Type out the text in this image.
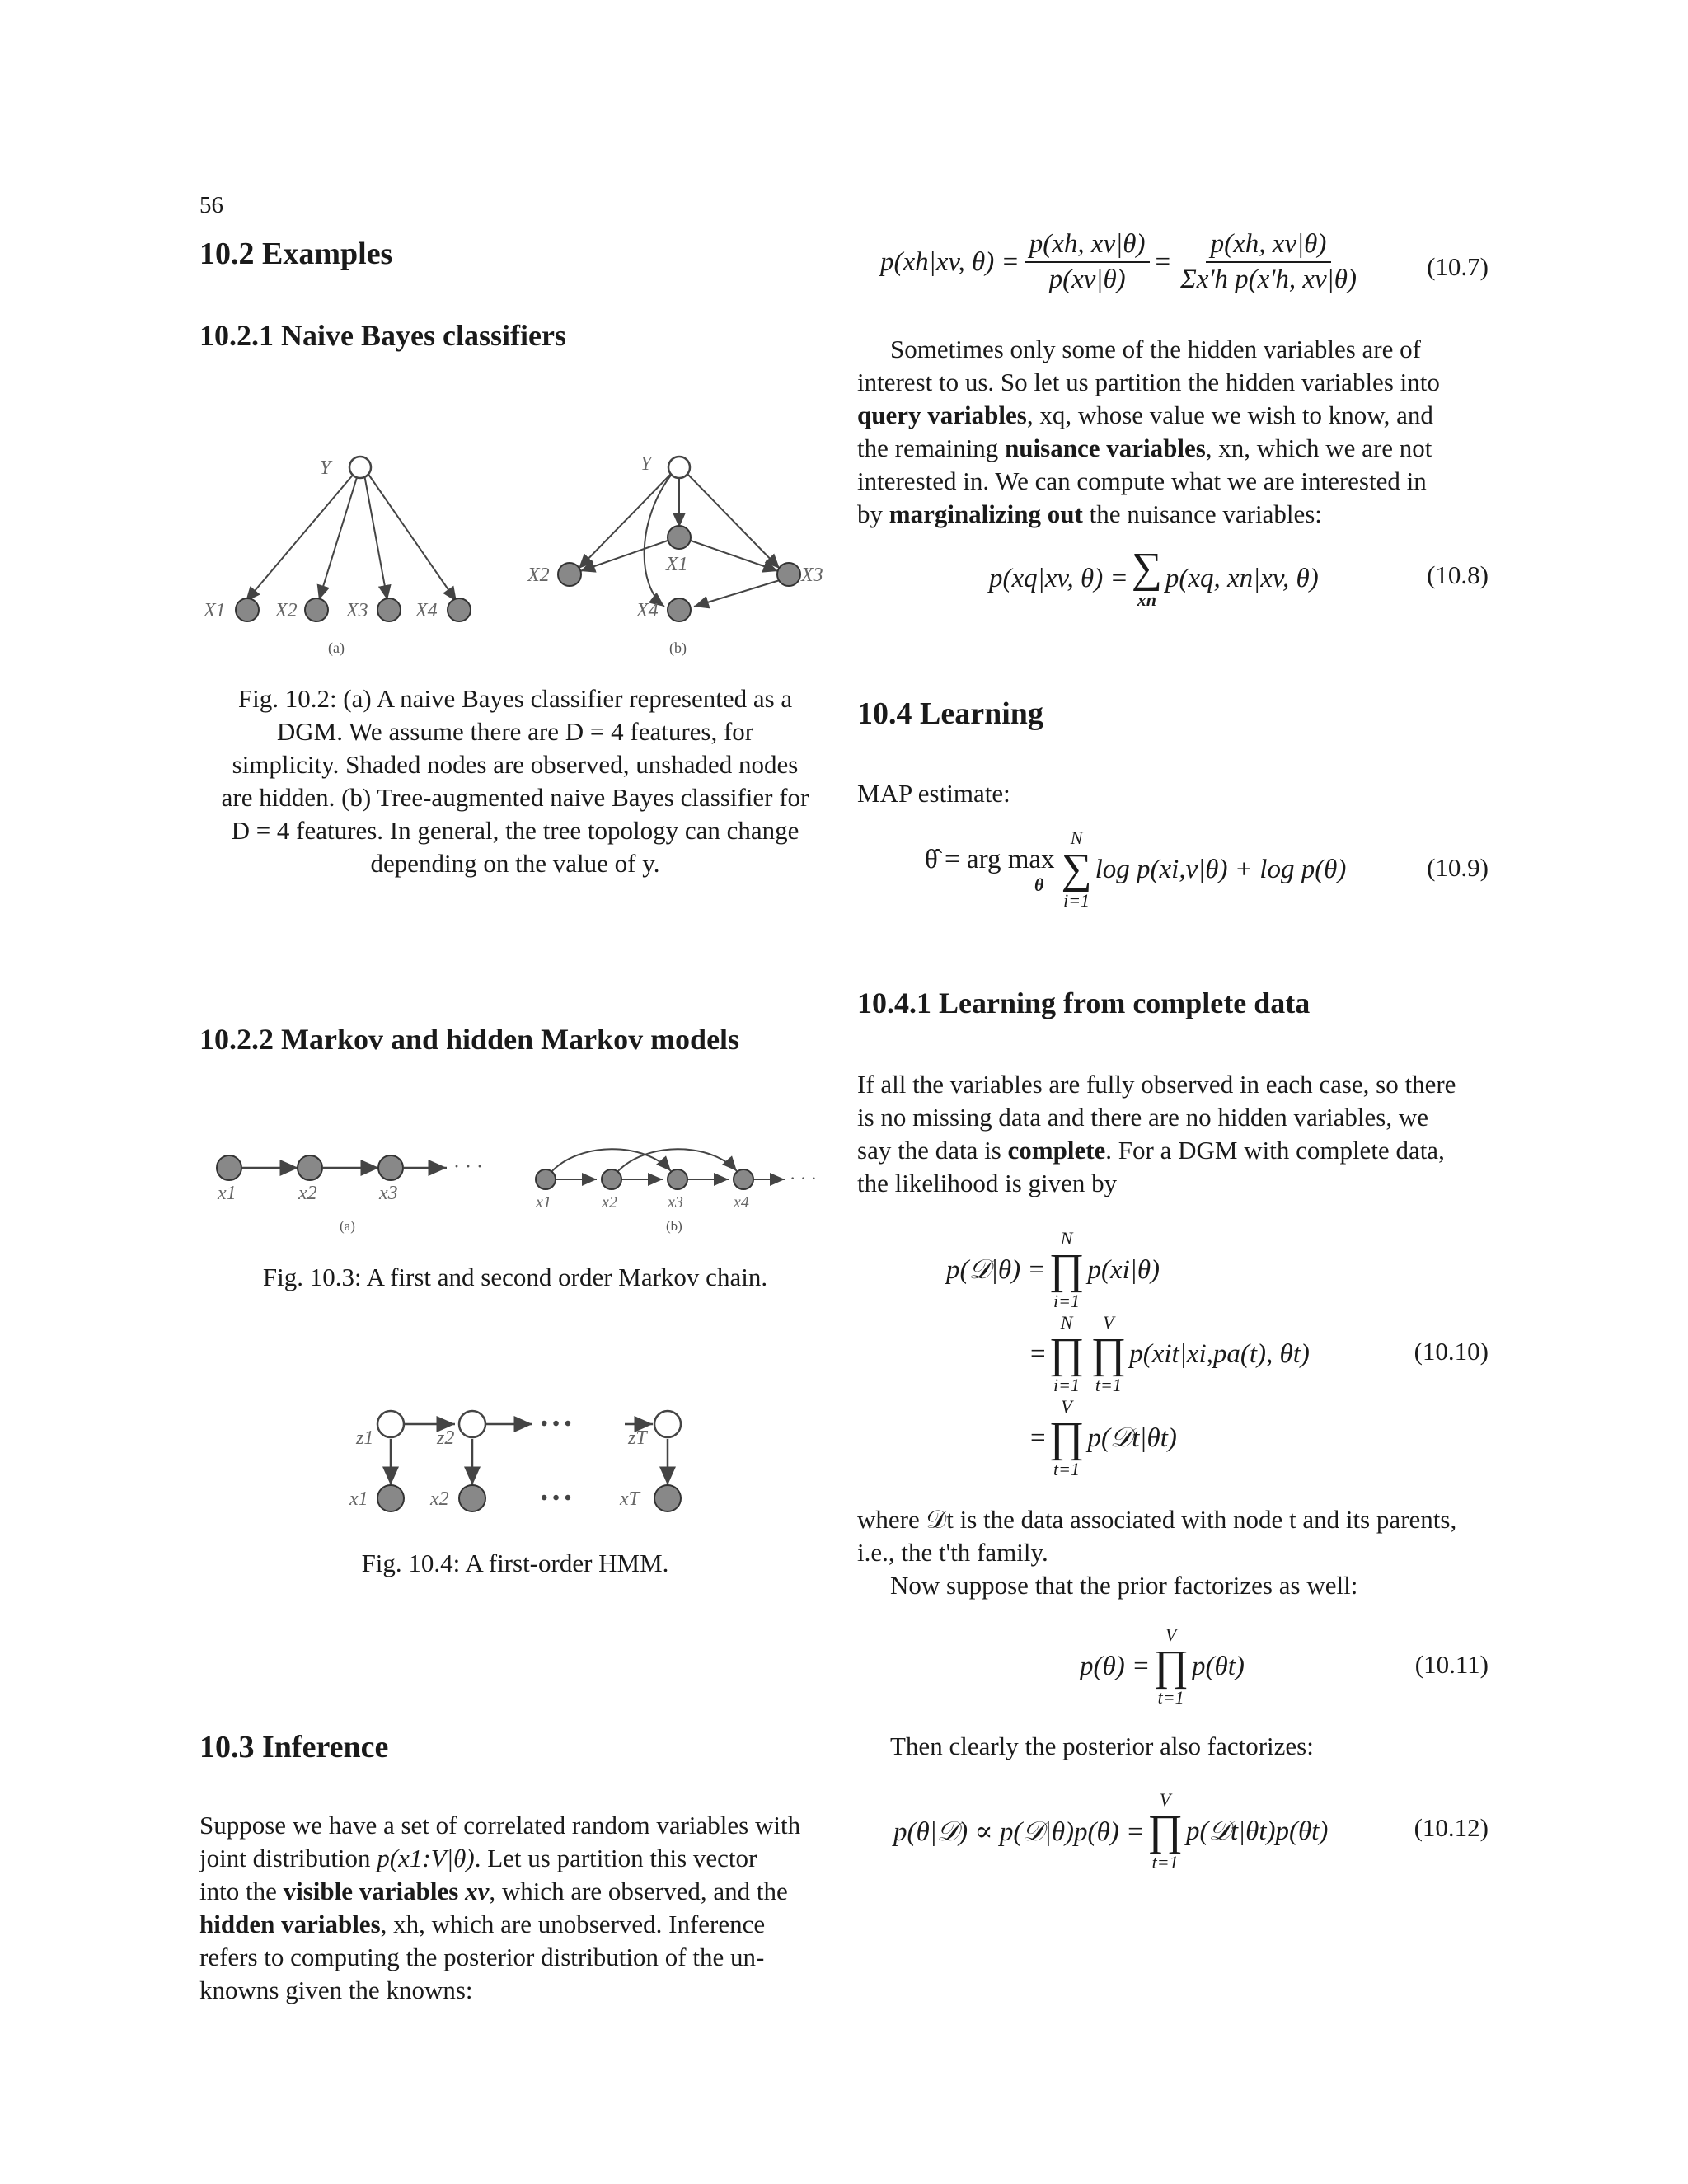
56
10.2 Examples
10.2.1 Naive Bayes classifiers
Y
X1	X2 X3 X4
(a)
Y
X1
X2	X3
X4
(b)
Fig. 10.2: (a) A naive Bayes classifier represented as a
DGM. We assume there are D = 4 features, for
simplicity. Shaded nodes are observed, unshaded nodes
are hidden. (b) Tree-augmented naive Bayes classifier for
D = 4 features. In general, the tree topology can change
depending on the value of y.
10.2.2 Markov and hidden Markov models
· · ·
x1	x2	x3
(a)
· · ·
x1	x2	x3	x4
(b)
Fig. 10.3: A first and second order Markov chain.
• • •
• • •
z1	z2	zT
x1	x2	xT
Fig. 10.4: A first-order HMM.
10.3 Inference
Suppose we have a set of correlated random variables with
joint distribution p(x1:V|θ). Let us partition this vector
into the visible variables xv, which are observed, and the
hidden variables, xh, which are unobserved. Inference
refers to computing the posterior distribution of the un-
knowns given the knowns:
p(xh|xv, $\theta) = \frac{p(xh, xv|\theta)}{p(xv|\theta)} = \frac{p(xh, xv|\theta)}{\text{Σx'h p(x'h, xv|θ)}}$	(10.7)
Sometimes only some of the hidden variables are of
interest to us. So let us partition the hidden variables into
query variables, xq, whose value we wish to know, and
the remaining nuisance variables, xn, which we are not
interested in. We can compute what we are interested in
by marginalizing out the nuisance variables:
p(xq|xv, θ) = ∑
xn
p(xq, xn|xv, θ)	(10.8)
10.4 Learning
MAP estimate:
θ̂ = arg max
θ
N
∑
i=1
log p(xi,v|θ) + log p(θ)	(10.9)
10.4.1 Learning from complete data
If all the variables are fully observed in each case, so there
is no missing data and there are no hidden variables, we
say the data is complete. For a DGM with complete data,
the likelihood is given by
p(𝒟|θ) =
N
∏
i=1
p(xi|θ)
=
N
∏
i=1
V
∏
t=1
p(xit|xi,pa(t), θt)
=
V
∏
t=1
p(𝒟t|θt)
(10.10)
where 𝒟t is the data associated with node t and its parents,
i.e., the t'th family.
Now suppose that the prior factorizes as well:
p(θ) =
V
∏
t=1
p(θt)	(10.11)
Then clearly the posterior also factorizes:
p(θ|𝒟) ∝ p(𝒟|θ)p(θ) =
V
∏
t=1
p(𝒟t|θt)p(θt)	(10.12)
